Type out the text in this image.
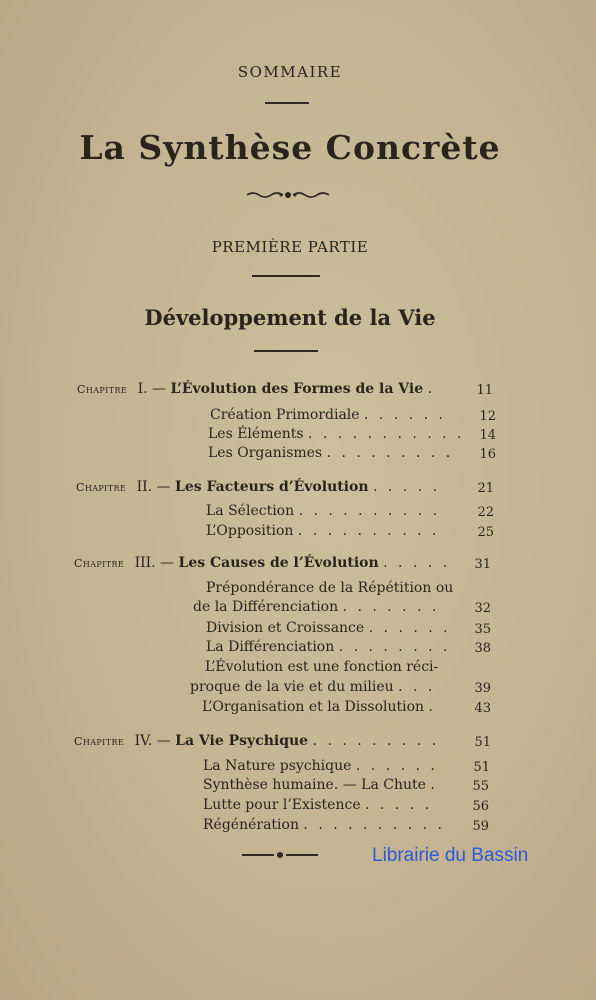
SOMMAIRE
La Synthèse Concrète
PREMIÈRE PARTIE
Développement de la Vie
Chapitre I. — L’Évolution des Formes de la Vie .	11
Création Primordiale . . . . . .	12
Les Éléments . . . . . . . . . . .	14
Les Organismes . . . . . . . . .	16
Chapitre II. — Les Facteurs d’Évolution . . . . .	21
La Sélection . . . . . . . . . .	22
L’Opposition . . . . . . . . . .	25
Chapitre III. — Les Causes de l’Évolution . . . . .	31
Prépondérance de la Répétition ou
de la Différenciation . . . . . . .	32
Division et Croissance . . . . . .	35
La Différenciation . . . . . . . .	38
L’Évolution est une fonction réci-
proque de la vie et du milieu . . .	39
L’Organisation et la Dissolution .	43
Chapitre IV. — La Vie Psychique . . . . . . . . .	51
La Nature psychique . . . . . .	51
Synthèse humaine. — La Chute .	55
Lutte pour l’Existence . . . . .	56
Régénération . . . . . . . . . .	59
Librairie du Bassin
